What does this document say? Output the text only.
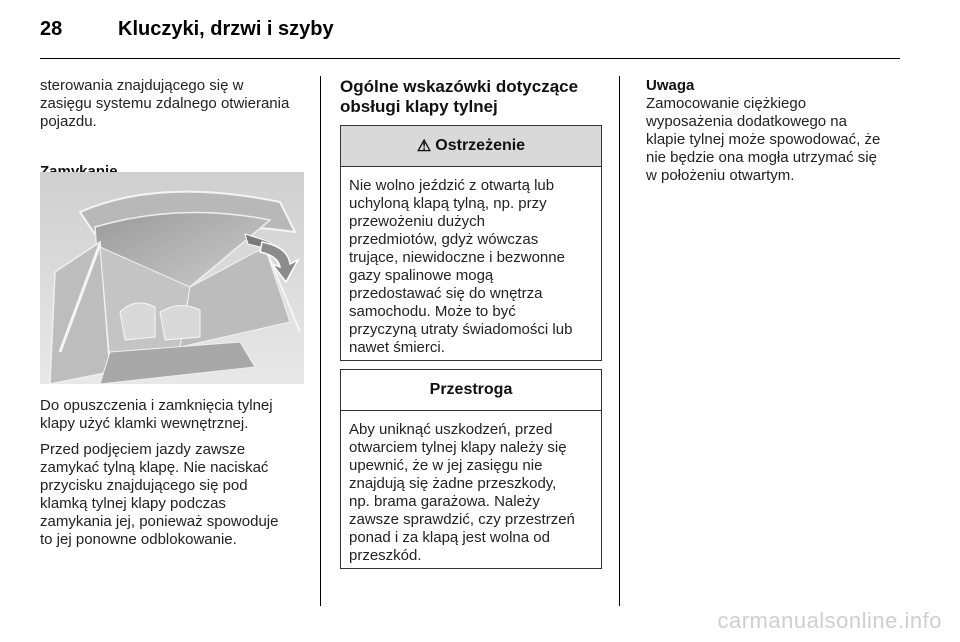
28	Kluczyki, drzwi i szyby

sterowania znajdującego się w

zasięgu systemu zdalnego otwierania

pojazdu.

Do opuszczenia i zamknięcia tylnej
klapy użyć klamki wewnętrznej.

Przed podjęciem jazdy zawsze
zamykać tylną klapę. Nie naciskać
przycisku znajdującego się pod
klamką tylnej klapy podczas
zamykania jej, ponieważ spowoduje
to jej ponowne odblokowanie.

Ogólne wskazówki dotyczące
obsługi klapy tylnej

⚠ Ostrzeżenie
Nie wolno jeździć z otwartą lub
uchyloną klapą tylną, np. przy
przewożeniu dużych
przedmiotów, gdyż wówczas
trujące, niewidoczne i bezwonne
gazy spalinowe mogą
przedostawać się do wnętrza
samochodu. Może to być
przyczyną utraty świadomości lub
nawet śmierci.
Przestroga
Aby uniknąć uszkodzeń, przed
otwarciem tylnej klapy należy się
upewnić, że w jej zasięgu nie
znajdują się żadne przeszkody,
np. brama garażowa. Należy
zawsze sprawdzić, czy przestrzeń
ponad i za klapą jest wolna od
przeszkód.

Uwaga

Zamocowanie ciężkiego

wyposażenia dodatkowego na

klapie tylnej może spowodować, że

nie będzie ona mogła utrzymać się

w położeniu otwartym.

carmanualsonline.info
